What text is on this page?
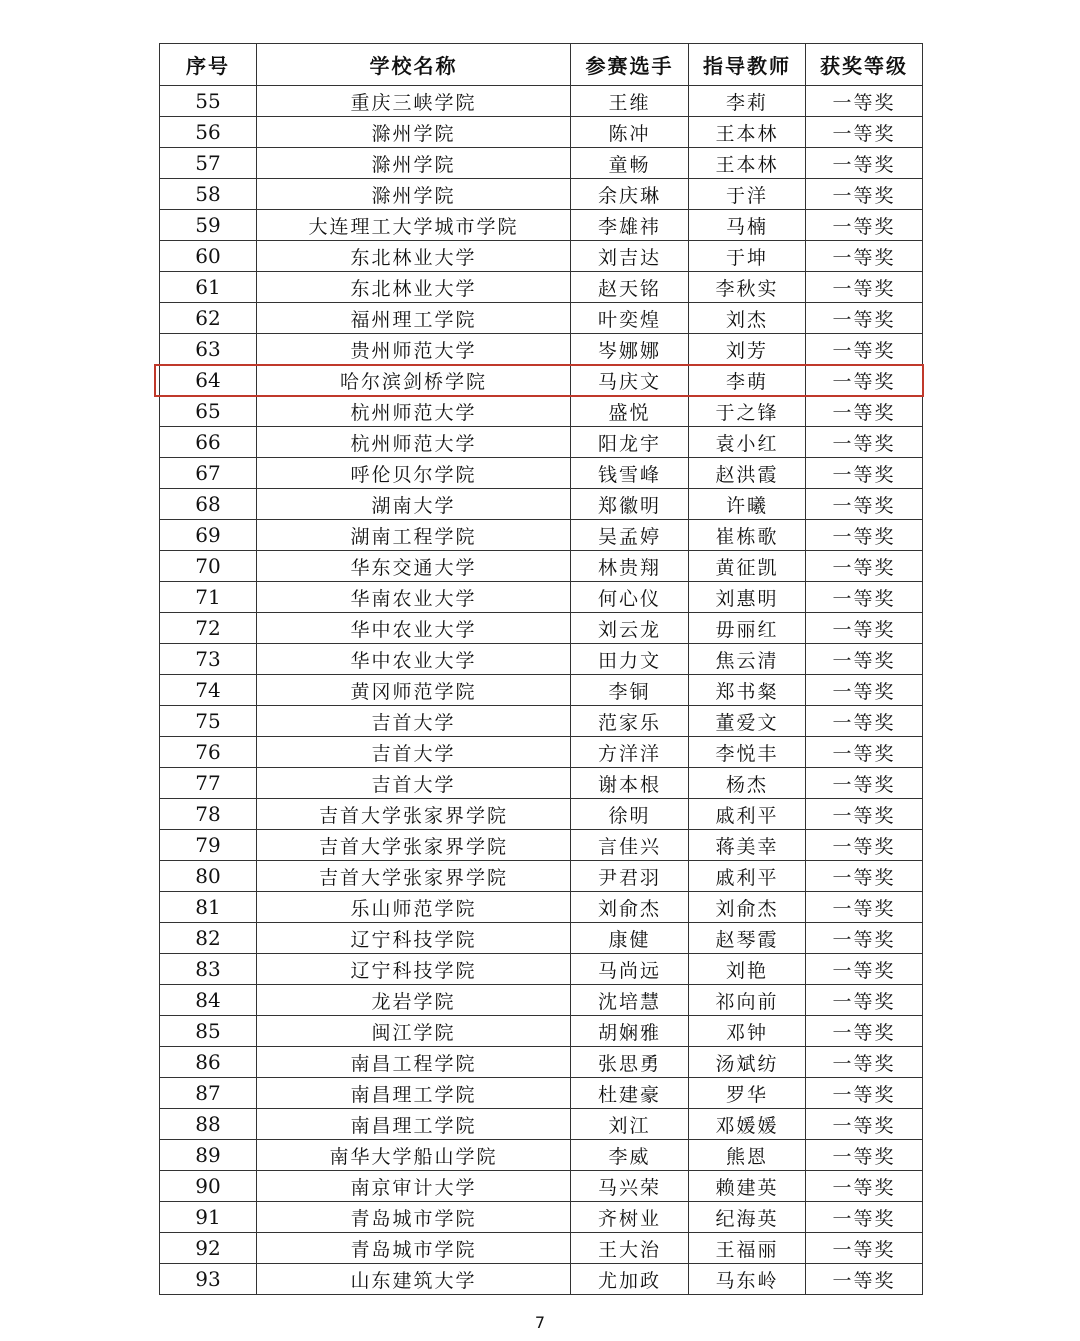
序号	学校名称	参赛选手	指导教师	获奖等级
55	重庆三峡学院	王维	李莉	一等奖
56	滁州学院	陈冲	王本林	一等奖
57	滁州学院	童畅	王本林	一等奖
58	滁州学院	余庆琳	于洋	一等奖
59	大连理工大学城市学院	李雄祎	马楠	一等奖
60	东北林业大学	刘吉达	于坤	一等奖
61	东北林业大学	赵天铭	李秋实	一等奖
62	福州理工学院	叶奕煌	刘杰	一等奖
63	贵州师范大学	岑娜娜	刘芳	一等奖
64	哈尔滨剑桥学院	马庆文	李萌	一等奖
65	杭州师范大学	盛悦	于之锋	一等奖
66	杭州师范大学	阳龙宇	袁小红	一等奖
67	呼伦贝尔学院	钱雪峰	赵洪霞	一等奖
68	湖南大学	郑徽明	许曦	一等奖
69	湖南工程学院	吴孟婷	崔栋歌	一等奖
70	华东交通大学	林贵翔	黄征凯	一等奖
71	华南农业大学	何心仪	刘惠明	一等奖
72	华中农业大学	刘云龙	毋丽红	一等奖
73	华中农业大学	田力文	焦云清	一等奖
74	黄冈师范学院	李铜	郑书粲	一等奖
75	吉首大学	范家乐	董爱文	一等奖
76	吉首大学	方洋洋	李悦丰	一等奖
77	吉首大学	谢本根	杨杰	一等奖
78	吉首大学张家界学院	徐明	戚利平	一等奖
79	吉首大学张家界学院	言佳兴	蒋美幸	一等奖
80	吉首大学张家界学院	尹君羽	戚利平	一等奖
81	乐山师范学院	刘俞杰	刘俞杰	一等奖
82	辽宁科技学院	康健	赵琴霞	一等奖
83	辽宁科技学院	马尚远	刘艳	一等奖
84	龙岩学院	沈培慧	祁向前	一等奖
85	闽江学院	胡娴雅	邓钟	一等奖
86	南昌工程学院	张思勇	汤斌纺	一等奖
87	南昌理工学院	杜建豪	罗华	一等奖
88	南昌理工学院	刘江	邓媛媛	一等奖
89	南华大学船山学院	李威	熊恩	一等奖
90	南京审计大学	马兴荣	赖建英	一等奖
91	青岛城市学院	齐树业	纪海英	一等奖
92	青岛城市学院	王大治	王福丽	一等奖
93	山东建筑大学	尤加政	马东岭	一等奖
7
